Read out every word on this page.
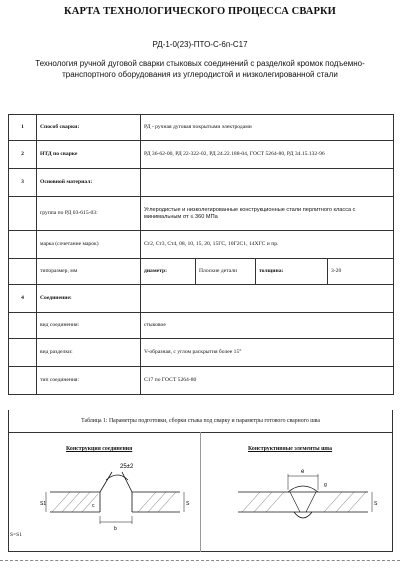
КАРТА ТЕХНОЛОГИЧЕСКОГО ПРОЦЕССА СВАРКИ
РД-1-0(23)-ПТО-С-6п-С17
Технология ручной дуговой сварки стыковых соединений с разделкой кромок подъемно-транспортного оборудования из углеродистой и низколегированной стали
1	Способ сварки:	РД - ручная дуговая покрытыми электродами			
2	НТД по сварке	РД 36-62-00, РД 22-322-02, РД 24.22.188-04, ГОСТ 5264-80, РД 34.15.132-96			
3	Основной материал:				
	группа по РД 03-615-03:	Углеродистые и низколегированные конструкционные стали перлитного класса с минимальным σт ≤ 360 МПа			
	марка (сочетание марок)	Ст2, Ст3, Ст4, 08, 10, 15, 20, 15ГС, 10Г2С1, 14ХГС и пр.			
	типоразмер, мм	диаметр:	Плоские детали	толщина:	3-20
4	Соединение:				
	вид соединения:	стыковое			
	вид разделки:	V-образная, с углом раскрытия более 15°			
	тип соединения:	С17 по ГОСТ 5264-80			
Таблица 1: Параметры подготовки, сборки стыка под сварку и параметры готового сварного шва
Конструкция соединения	Конструктивные элементы шва
25±2
S
S1
b
c
e
g
S
S=S1
